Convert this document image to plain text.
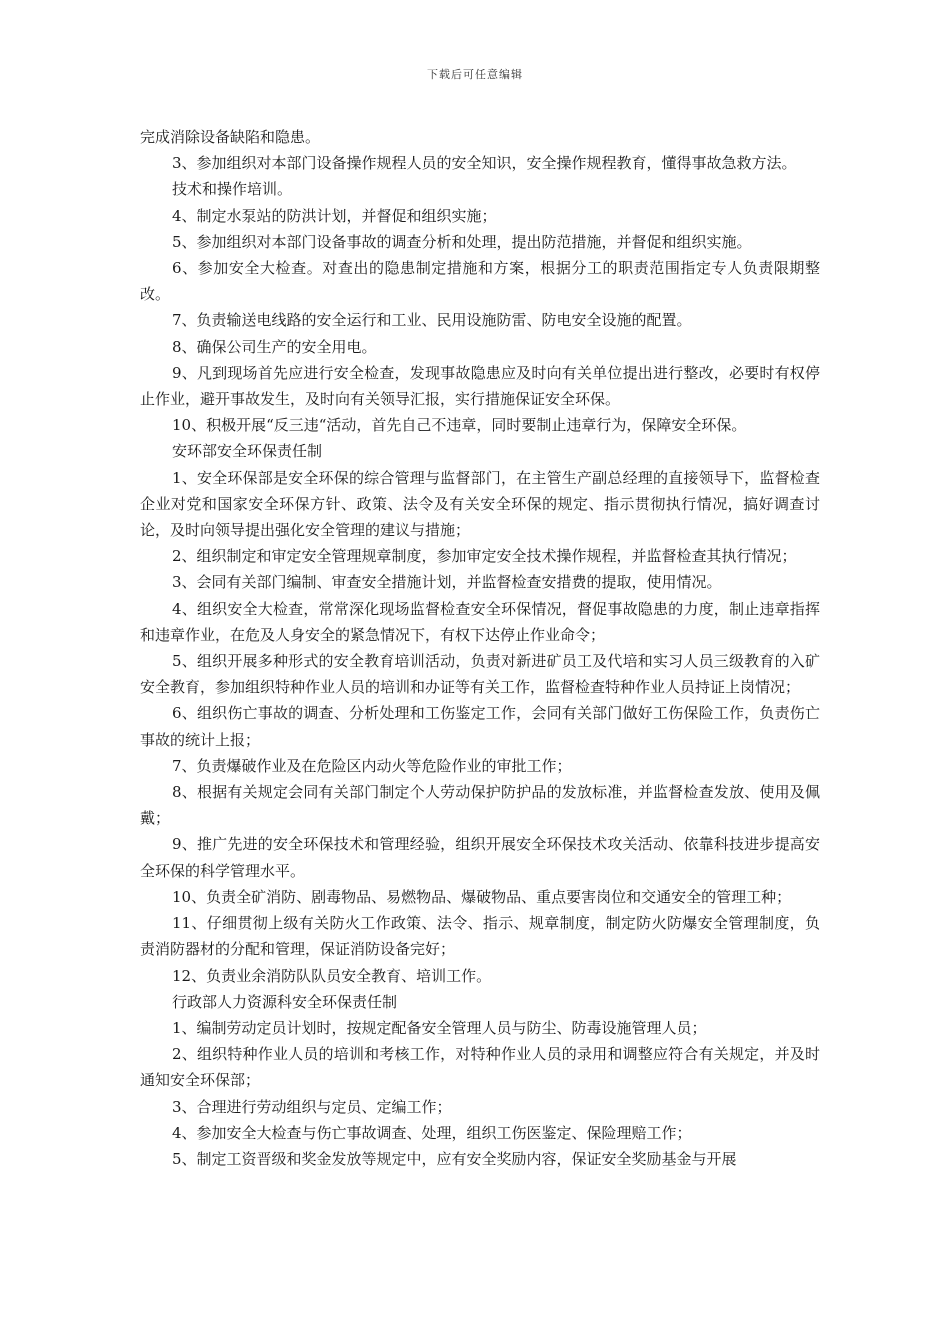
下载后可任意编辑

完成消除设备缺陷和隐患。

3、参加组织对本部门设备操作规程人员的安全知识，安全操作规程教育，懂得事故急救方法。

技术和操作培训。

4、制定水泵站的防洪计划，并督促和组织实施；

5、参加组织对本部门设备事故的调查分析和处理，提出防范措施，并督促和组织实施。

6、参加安全大检查。对查出的隐患制定措施和方案，根据分工的职责范围指定专人负责限期整改。

7、负责输送电线路的安全运行和工业、民用设施防雷、防电安全设施的配置。

8、确保公司生产的安全用电。

9、凡到现场首先应进行安全检查，发现事故隐患应及时向有关单位提出进行整改，必要时有权停止作业，避开事故发生，及时向有关领导汇报，实行措施保证安全环保。

10、积极开展“反三违“活动，首先自己不违章，同时要制止违章行为，保障安全环保。

安环部安全环保责任制

1、安全环保部是安全环保的综合管理与监督部门，在主管生产副总经理的直接领导下，监督检查企业对党和国家安全环保方针、政策、法令及有关安全环保的规定、指示贯彻执行情况，搞好调查讨论，及时向领导提出强化安全管理的建议与措施；

2、组织制定和审定安全管理规章制度，参加审定安全技术操作规程，并监督检查其执行情况；

3、会同有关部门编制、审查安全措施计划，并监督检查安措费的提取，使用情况。

4、组织安全大检查，常常深化现场监督检查安全环保情况，督促事故隐患的力度，制止违章指挥和违章作业，在危及人身安全的紧急情况下，有权下达停止作业命令；

5、组织开展多种形式的安全教育培训活动，负责对新进矿员工及代培和实习人员三级教育的入矿安全教育，参加组织特种作业人员的培训和办证等有关工作，监督检查特种作业人员持证上岗情况；

6、组织伤亡事故的调查、分析处理和工伤鉴定工作，会同有关部门做好工伤保险工作，负责伤亡事故的统计上报；

7、负责爆破作业及在危险区内动火等危险作业的审批工作；

8、根据有关规定会同有关部门制定个人劳动保护防护品的发放标准，并监督检查发放、使用及佩戴；

9、推广先进的安全环保技术和管理经验，组织开展安全环保技术攻关活动、依靠科技进步提高安全环保的科学管理水平。

10、负责全矿消防、剧毒物品、易燃物品、爆破物品、重点要害岗位和交通安全的管理工种；

11、仔细贯彻上级有关防火工作政策、法令、指示、规章制度，制定防火防爆安全管理制度，负责消防器材的分配和管理，保证消防设备完好；

12、负责业余消防队队员安全教育、培训工作。

行政部人力资源科安全环保责任制

1、编制劳动定员计划时，按规定配备安全管理人员与防尘、防毒设施管理人员；

2、组织特种作业人员的培训和考核工作，对特种作业人员的录用和调整应符合有关规定，并及时通知安全环保部；

3、合理进行劳动组织与定员、定编工作；

4、参加安全大检查与伤亡事故调查、处理，组织工伤医鉴定、保险理赔工作；

5、制定工资晋级和奖金发放等规定中，应有安全奖励内容，保证安全奖励基金与开展
